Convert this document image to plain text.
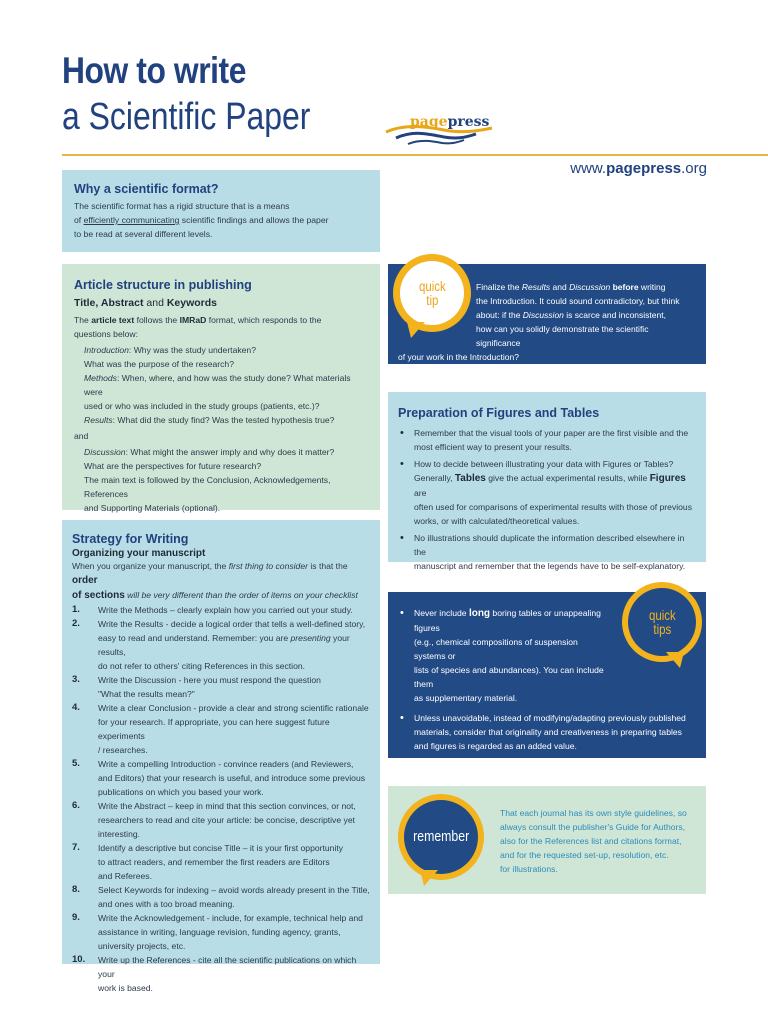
How to write
a Scientific Paper	pagepress
www.pagepress.org
Why a scientific format?

The scientific format has a rigid structure that is a means
of efficiently communicating scientific findings and allows the paper
to be read at several different levels.

Article structure in publishing
Title, Abstract and Keywords

The article text follows the IMRaD format, which responds to the
questions below:

Introduction: Why was the study undertaken?
What was the purpose of the research?
Methods: When, where, and how was the study done? What materials were
used or who was included in the study groups (patients, etc.)?
Results: What did the study find? Was the tested hypothesis true?

and

Discussion: What might the answer imply and why does it matter?
What are the perspectives for future research?
The main text is followed by the Conclusion, Acknowledgements, References
and Supporting Materials (optional).

Strategy for Writing
Organizing your manuscript

When you organize your manuscript, the first thing to consider is that the order
of sections will be very different than the order of items on your checklist

1. Write the Methods – clearly explain how you carried out your study.
2. Write the Results - decide a logical order that tells a well-defined story,
easy to read and understand. Remember: you are presenting your results,
do not refer to others' citing References in this section.
3. Write the Discussion - here you must respond the question
"What the results mean?"
4. Write a clear Conclusion - provide a clear and strong scientific rationale
for your research. If appropriate, you can here suggest future experiments
/ researches.
5. Write a compelling Introduction - convince readers (and Reviewers,
and Editors) that your research is useful, and introduce some previous
publications on which you based your work.
6. Write the Abstract – keep in mind that this section convinces, or not,
researchers to read and cite your article: be concise, descriptive yet
interesting.
7. Identify a descriptive but concise Title – it is your first opportunity
to attract readers, and remember the first readers are Editors
and Referees.
8. Select Keywords for indexing – avoid words already present in the Title,
and ones with a too broad meaning.
9. Write the Acknowledgement - include, for example, technical help and
assistance in writing, language revision, funding agency, grants,
university projects, etc.
10. Write up the References - cite all the scientific publications on which your
work is based.
Finalize the Results and Discussion before writing
the Introduction. It could sound contradictory, but think
about: if the Discussion is scarce and inconsistent,
how can you solidly demonstrate the scientific significance
of your work in the Introduction?
quick
tip
Preparation of Figures and Tables
• Remember that the visual tools of your paper are the first visible and the
most efficient way to present your results.
• How to decide between illustrating your data with Figures or Tables?
Generally, Tables give the actual experimental results, while Figures are
often used for comparisons of experimental results with those of previous
works, or with calculated/theoretical values.
• No illustrations should duplicate the information described elsewhere in the
manuscript and remember that the legends have to be self-explanatory.
• Never include long boring tables or unappealing figures
(e.g., chemical compositions of suspension systems or
lists of species and abundances). You can include them
as supplementary material.
• Unless unavoidable, instead of modifying/adapting previously published
materials, consider that originality and creativeness in preparing tables
and figures is regarded as an added value.
• Be conscious that presentation consistency is key; before submitting, check

quick
tips
That each journal has its own style guidelines, so
always consult the publisher's Guide for Authors,
also for the References list and citations format,
and for the requested set-up, resolution, etc.
for illustrations.
remember
